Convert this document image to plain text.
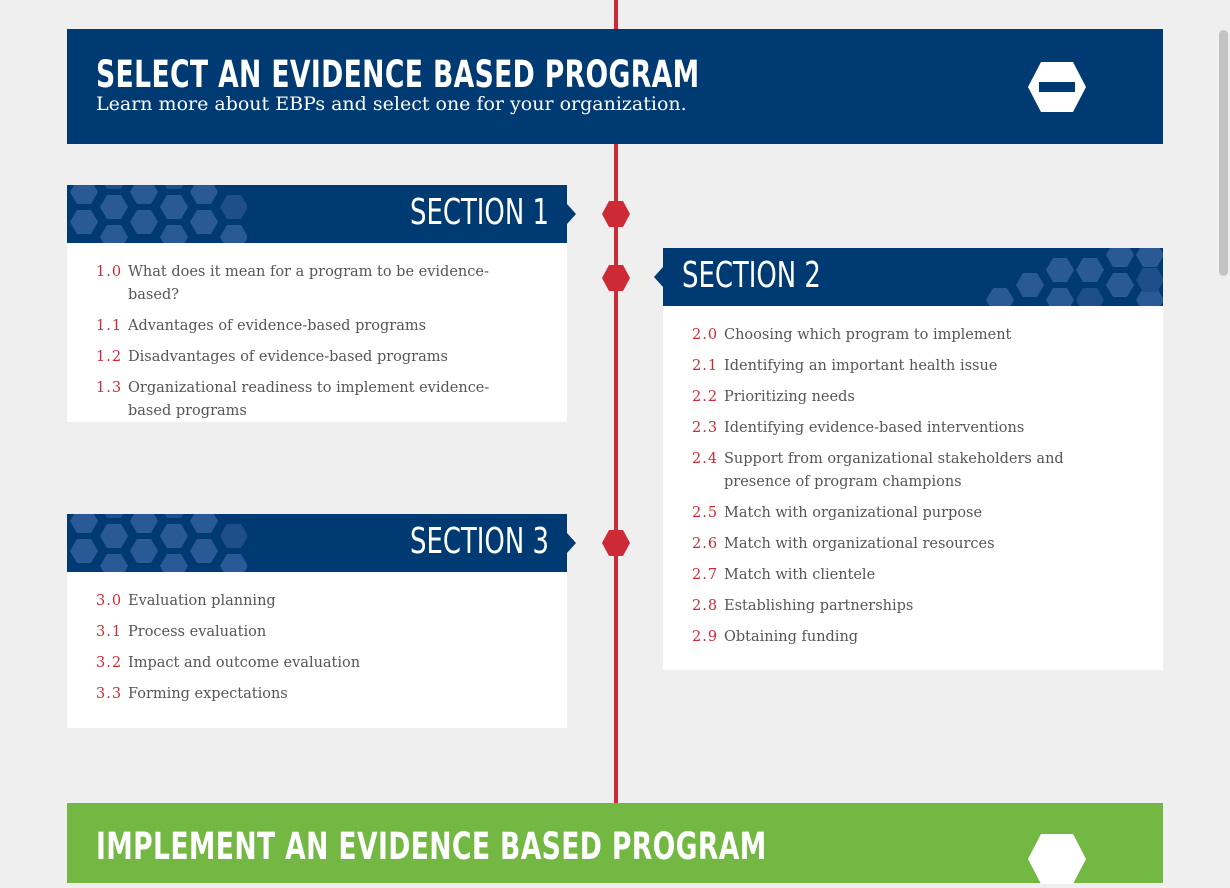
SELECT AN EVIDENCE BASED PROGRAM
Learn more about EBPs and select one for your organization.
SECTION 1
1.0 What does it mean for a program to be evidence-based?
1.1 Advantages of evidence-based programs
1.2 Disadvantages of evidence-based programs
1.3 Organizational readiness to implement evidence-based programs
SECTION 2
2.0 Choosing which program to implement
2.1 Identifying an important health issue
2.2 Prioritizing needs
2.3 Identifying evidence-based interventions
2.4 Support from organizational stakeholders and presence of program champions
2.5 Match with organizational purpose
2.6 Match with organizational resources
2.7 Match with clientele
2.8 Establishing partnerships
2.9 Obtaining funding
SECTION 3
3.0 Evaluation planning
3.1 Process evaluation
3.2 Impact and outcome evaluation
3.3 Forming expectations
IMPLEMENT AN EVIDENCE BASED PROGRAM
